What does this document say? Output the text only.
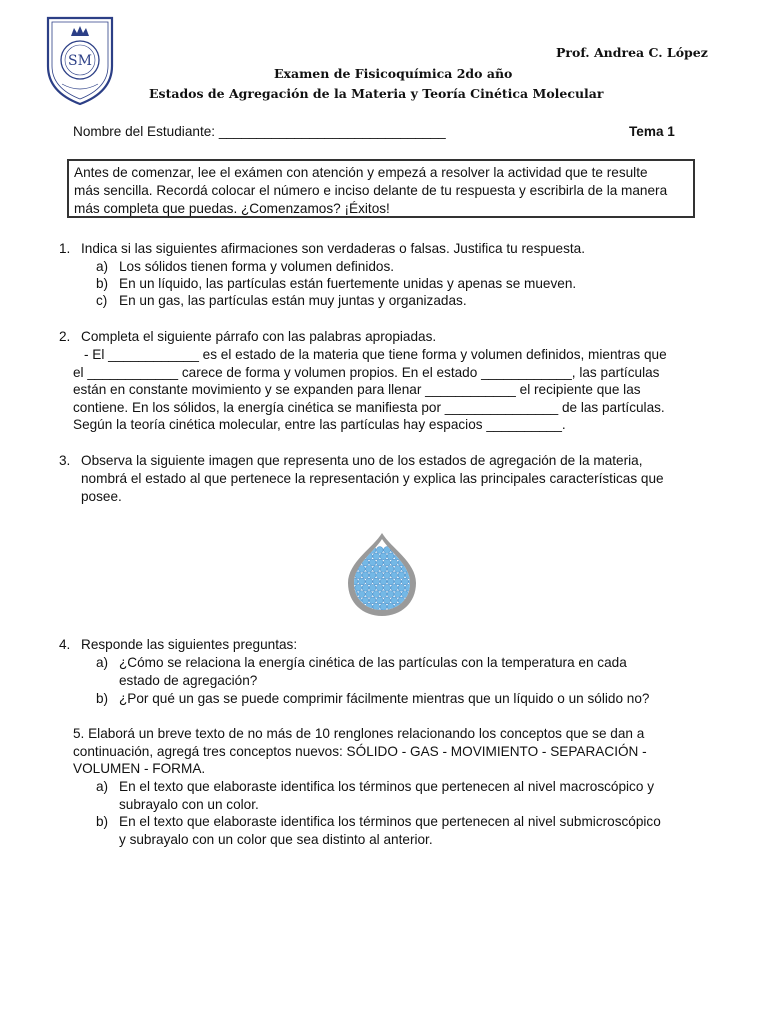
SM
Prof. Andrea C. López
Examen de Fisicoquímica 2do año
Estados de Agregación de la Materia y Teoría Cinética Molecular
Nombre del Estudiante: ______________________________	Tema 1
Antes de comenzar, lee el exámen con atención y empezá a resolver la actividad que te resulte
más sencilla. Recordá colocar el número e inciso delante de tu respuesta y escribirla de la manera
más completa que puedas. ¿Comenzamos? ¡Éxitos!
1. Indica si las siguientes afirmaciones son verdaderas o falsas. Justifica tu respuesta.
a) Los sólidos tienen forma y volumen definidos.
b) En un líquido, las partículas están fuertemente unidas y apenas se mueven.
c) En un gas, las partículas están muy juntas y organizadas.
2. Completa el siguiente párrafo con las palabras apropiadas.
- El ____________ es el estado de la materia que tiene forma y volumen definidos, mientras que
el ____________ carece de forma y volumen propios. En el estado ____________, las partículas
están en constante movimiento y se expanden para llenar ____________ el recipiente que las
contiene. En los sólidos, la energía cinética se manifiesta por _______________ de las partículas.
Según la teoría cinética molecular, entre las partículas hay espacios __________.
3. Observa la siguiente imagen que representa uno de los estados de agregación de la materia,
nombrá el estado al que pertenece la representación y explica las principales características que
posee.
4. Responde las siguientes preguntas:
a) ¿Cómo se relaciona la energía cinética de las partículas con la temperatura en cada
estado de agregación?
b) ¿Por qué un gas se puede comprimir fácilmente mientras que un líquido o un sólido no?
5. Elaborá un breve texto de no más de 10 renglones relacionando los conceptos que se dan a
continuación, agregá tres conceptos nuevos: SÓLIDO - GAS - MOVIMIENTO - SEPARACIÓN -
VOLUMEN - FORMA.
a) En el texto que elaboraste identifica los términos que pertenecen al nivel macroscópico y
subrayalo con un color.
b) En el texto que elaboraste identifica los términos que pertenecen al nivel submicroscópico
y subrayalo con un color que sea distinto al anterior.
